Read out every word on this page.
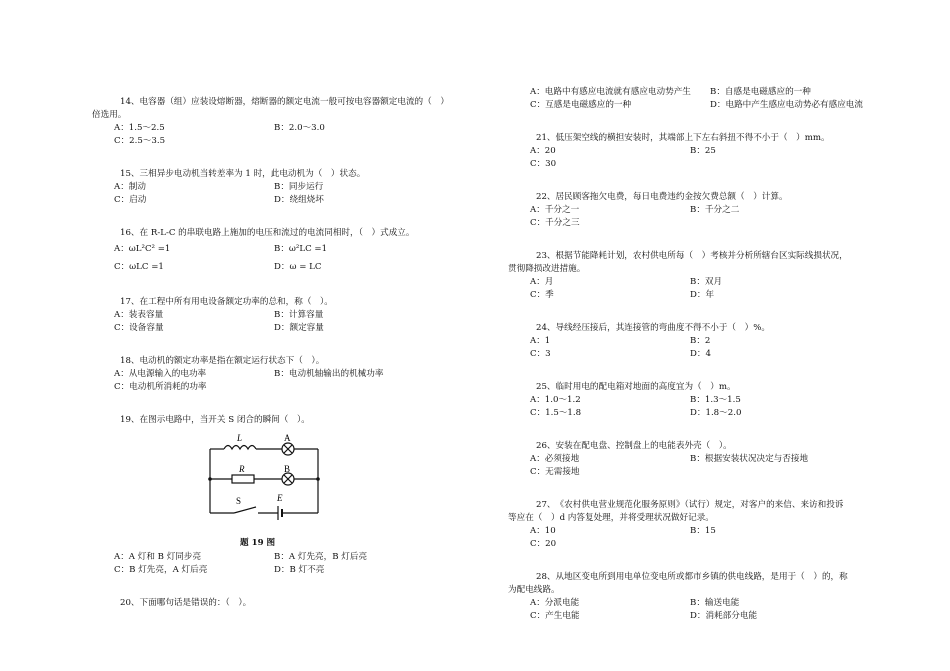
14、电容器（组）应装设熔断器，熔断器的额定电流一般可按电容器额定电流的（　）倍选用。
A：1.5～2.5	B：2.0～3.0
C：2.5～3.5
15、三相异步电动机当转差率为 1 时，此电动机为（　）状态。
A：制动	B：同步运行
C：启动	D：绕组烧坏
16、在 R-L-C 的串联电路上施加的电压和流过的电流同相时，（　）式成立。
A：ωL²C² =1	B：ω²LC =1
C：ωLC =1	D：ω = LC
17、在工程中所有用电设备额定功率的总和，称（　）。
A：装表容量	B：计算容量
C：设备容量	D：额定容量
18、电动机的额定功率是指在额定运行状态下（　）。
A：从电源输入的电功率	B：电动机轴输出的机械功率
C：电动机所消耗的功率
19、在图示电路中，当开关 S 闭合的瞬间（　）。
L	A
R	B
S	E
题 19 图
A：A 灯和 B 灯同步亮	B：A 灯先亮，B 灯后亮
C：B 灯先亮，A 灯后亮	D：B 灯不亮
20、下面哪句话是错误的：（　）。
A：电路中有感应电流就有感应电动势产生	B：自感是电磁感应的一种
C：互感是电磁感应的一种	D：电路中产生感应电动势必有感应电流
21、低压架空线的横担安装时，其端部上下左右斜扭不得不小于（　）mm。
A：20	B：25
C：30
22、居民顾客拖欠电费，每日电费违约金按欠费总额（　）计算。
A：千分之一	B：千分之二
C：千分之三
23、根据节能降耗计划，农村供电所每（　）考核并分析所辖台区实际线损状况，贯彻降损改进措施。
A：月	B：双月
C：季	D：年
24、导线经压接后，其连接管的弯曲度不得不小于（　）%。
A：1	B：2
C：3	D：4
25、临时用电的配电箱对地面的高度宜为（　）m。
A：1.0～1.2	B：1.3～1.5
C：1.5～1.8	D：1.8～2.0
26、安装在配电盘、控制盘上的电能表外壳（　）。
A：必须接地	B：根据安装状况决定与否接地
C：无需接地
27、《农村供电营业规范化服务原则》（试行）规定，对客户的来信、来访和投诉等应在（　）d 内答复处理，并将受理状况做好记录。
A：10	B：15
C：20
28、从地区变电所到用电单位变电所或都市乡镇的供电线路，是用于（　）的，称为配电线路。
A：分派电能	B：输送电能
C：产生电能	D：消耗部分电能
